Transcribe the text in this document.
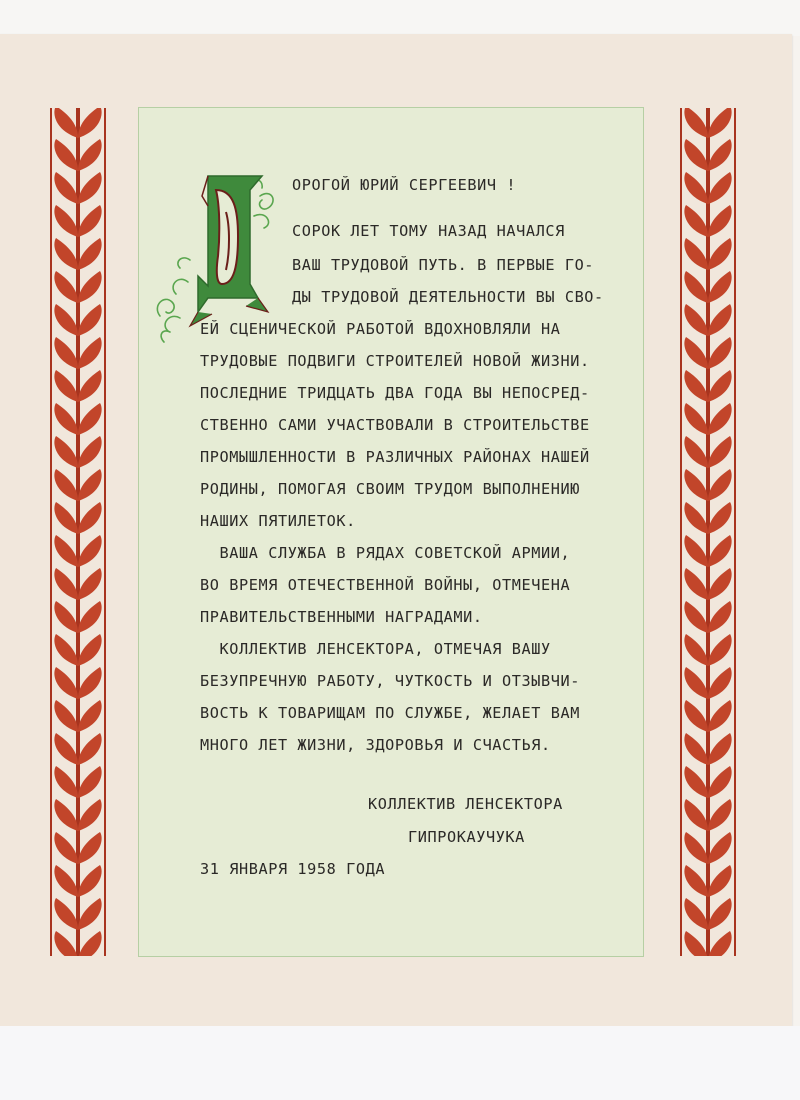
ОРОГОЙ ЮРИЙ СЕРГЕЕВИЧ !
СОРОК ЛЕТ ТОМУ НАЗАД НАЧАЛСЯ
ВАШ ТРУДОВОЙ ПУТЬ. В ПЕРВЫЕ ГО-
ДЫ ТРУДОВОЙ ДЕЯТЕЛЬНОСТИ ВЫ СВО-
ЕЙ СЦЕНИЧЕСКОЙ РАБОТОЙ ВДОХНОВЛЯЛИ НА
ТРУДОВЫЕ ПОДВИГИ СТРОИТЕЛЕЙ НОВОЙ ЖИЗНИ.
ПОСЛЕДНИЕ ТРИДЦАТЬ ДВА ГОДА ВЫ НЕПОСРЕД-
СТВЕННО САМИ УЧАСТВОВАЛИ В СТРОИТЕЛЬСТВЕ
ПРОМЫШЛЕННОСТИ В РАЗЛИЧНЫХ РАЙОНАХ НАШЕЙ
РОДИНЫ, ПОМОГАЯ СВОИМ ТРУДОМ ВЫПОЛНЕНИЮ
НАШИХ ПЯТИЛЕТОК.
ВАША СЛУЖБА В РЯДАХ СОВЕТСКОЙ АРМИИ,
ВО ВРЕМЯ ОТЕЧЕСТВЕННОЙ ВОЙНЫ, ОТМЕЧЕНА
ПРАВИТЕЛЬСТВЕННЫМИ НАГРАДАМИ.
КОЛЛЕКТИВ ЛЕНСЕКТОРА, ОТМЕЧАЯ ВАШУ
БЕЗУПРЕЧНУЮ РАБОТУ, ЧУТКОСТЬ И ОТЗЫВЧИ-
ВОСТЬ К ТОВАРИЩАМ ПО СЛУЖБЕ, ЖЕЛАЕТ ВАМ
МНОГО ЛЕТ ЖИЗНИ, ЗДОРОВЬЯ И СЧАСТЬЯ.
КОЛЛЕКТИВ ЛЕНСЕКТОРА
ГИПРОКАУЧУКА
31 ЯНВАРЯ 1958 ГОДА
